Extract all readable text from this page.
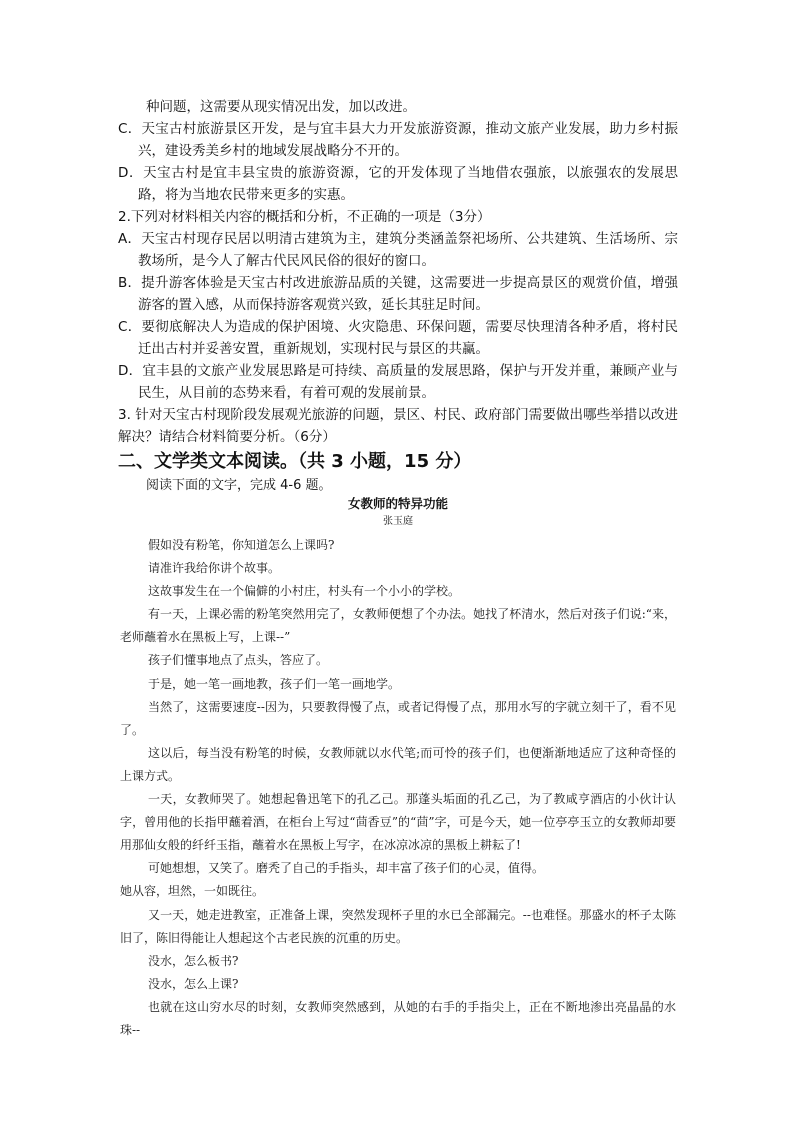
种问题，这需要从现实情况出发，加以改进。

C．天宝古村旅游景区开发，是与宜丰县大力开发旅游资源，推动文旅产业发展，助力乡村振兴，建设秀美乡村的地域发展战略分不开的。

D．天宝古村是宜丰县宝贵的旅游资源，它的开发体现了当地借农强旅，以旅强农的发展思路，将为当地农民带来更多的实惠。

2.下列对材料相关内容的概括和分析，不正确的一项是（3分）

A．天宝古村现存民居以明清古建筑为主，建筑分类涵盖祭祀场所、公共建筑、生活场所、宗教场所，是今人了解古代民风民俗的很好的窗口。

B．提升游客体验是天宝古村改进旅游品质的关键，这需要进一步提高景区的观赏价值，增强游客的置入感，从而保持游客观赏兴致，延长其驻足时间。

C．要彻底解决人为造成的保护困境、火灾隐患、环保问题，需要尽快理清各种矛盾，将村民迁出古村并妥善安置，重新规划，实现村民与景区的共赢。

D．宜丰县的文旅产业发展思路是可持续、高质量的发展思路，保护与开发并重，兼顾产业与民生，从目前的态势来看，有着可观的发展前景。

3. 针对天宝古村现阶段发展观光旅游的问题，景区、村民、政府部门需要做出哪些举措以改进解决？请结合材料简要分析。（6分）

二、文学类文本阅读。（共 3 小题，15 分）

阅读下面的文字，完成 4-6 题。

女教师的特异功能

张玉庭

假如没有粉笔，你知道怎么上课吗?

请准许我给你讲个故事。

这故事发生在一个偏僻的小村庄，村头有一个小小的学校。

有一天，上课必需的粉笔突然用完了，女教师便想了个办法。她找了杯清水，然后对孩子们说:“来，老师蘸着水在黑板上写，上课--”

孩子们懂事地点了点头，答应了。

于是，她一笔一画地教，孩子们一笔一画地学。

当然了，这需要速度--因为，只要教得慢了点，或者记得慢了点，那用水写的字就立刻干了，看不见了。

这以后，每当没有粉笔的时候，女教师就以水代笔;而可怜的孩子们，也便渐渐地适应了这种奇怪的上课方式。

一天，女教师哭了。她想起鲁迅笔下的孔乙己。那蓬头垢面的孔乙己，为了教咸亨酒店的小伙计认字，曾用他的长指甲蘸着酒，在柜台上写过“茴香豆”的“茴”字，可是今天，她一位亭亭玉立的女教师却要用那仙女般的纤纤玉指，蘸着水在黑板上写字，在冰凉冰凉的黑板上耕耘了!

可她想想，又笑了。磨秃了自己的手指头，却丰富了孩子们的心灵，值得。

她从容，坦然，一如既往。

又一天，她走进教室，正准备上课，突然发现杯子里的水已全部漏完。--也难怪。那盛水的杯子太陈旧了，陈旧得能让人想起这个古老民族的沉重的历史。

没水，怎么板书?

没水，怎么上课?

也就在这山穷水尽的时刻，女教师突然感到，从她的右手的手指尖上，正在不断地渗出亮晶晶的水珠--
